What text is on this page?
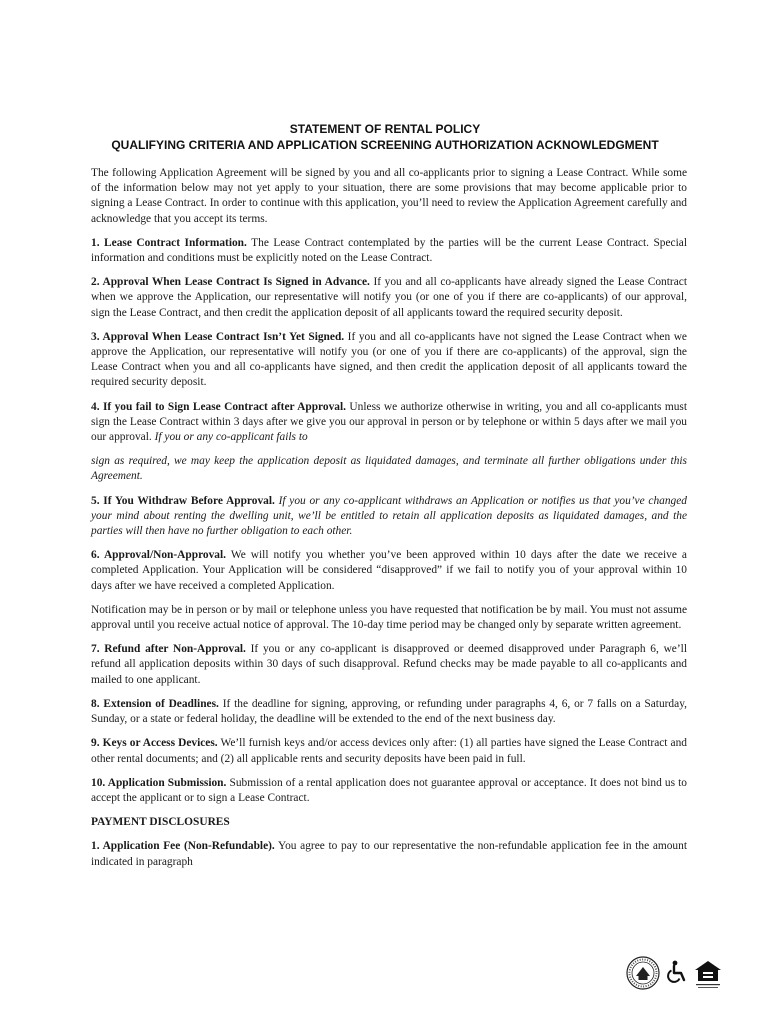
STATEMENT OF RENTAL POLICY
QUALIFYING CRITERIA AND APPLICATION SCREENING AUTHORIZATION ACKNOWLEDGMENT

The following Application Agreement will be signed by you and all co-applicants prior to signing a Lease Contract. While some of the information below may not yet apply to your situation, there are some provisions that may become applicable prior to signing a Lease Contract. In order to continue with this application, you’ll need to review the Application Agreement carefully and acknowledge that you accept its terms.

1. Lease Contract Information. The Lease Contract contemplated by the parties will be the current Lease Contract. Special information and conditions must be explicitly noted on the Lease Contract.

2. Approval When Lease Contract Is Signed in Advance. If you and all co-applicants have already signed the Lease Contract when we approve the Application, our representative will notify you (or one of you if there are co-applicants) of our approval, sign the Lease Contract, and then credit the application deposit of all applicants toward the required security deposit.

3. Approval When Lease Contract Isn’t Yet Signed. If you and all co-applicants have not signed the Lease Contract when we approve the Application, our representative will notify you (or one of you if there are co-applicants) of the approval, sign the Lease Contract when you and all co-applicants have signed, and then credit the application deposit of all applicants toward the required security deposit.

4. If you fail to Sign Lease Contract after Approval. Unless we authorize otherwise in writing, you and all co-applicants must sign the Lease Contract within 3 days after we give you our approval in person or by telephone or within 5 days after we mail you our approval. If you or any co-applicant fails to

sign as required, we may keep the application deposit as liquidated damages, and terminate all further obligations under this Agreement.

5. If You Withdraw Before Approval. If you or any co-applicant withdraws an Application or notifies us that you’ve changed your mind about renting the dwelling unit, we’ll be entitled to retain all application deposits as liquidated damages, and the parties will then have no further obligation to each other.

6. Approval/Non-Approval. We will notify you whether you’ve been approved within 10 days after the date we receive a completed Application. Your Application will be considered “disapproved” if we fail to notify you of your approval within 10 days after we have received a completed Application.

Notification may be in person or by mail or telephone unless you have requested that notification be by mail. You must not assume approval until you receive actual notice of approval. The 10-day time period may be changed only by separate written agreement.

7. Refund after Non-Approval. If you or any co-applicant is disapproved or deemed disapproved under Paragraph 6, we’ll refund all application deposits within 30 days of such disapproval. Refund checks may be made payable to all co-applicants and mailed to one applicant.

8. Extension of Deadlines. If the deadline for signing, approving, or refunding under paragraphs 4, 6, or 7 falls on a Saturday, Sunday, or a state or federal holiday, the deadline will be extended to the end of the next business day.

9. Keys or Access Devices. We’ll furnish keys and/or access devices only after: (1) all parties have signed the Lease Contract and other rental documents; and (2) all applicable rents and security deposits have been paid in full.

10. Application Submission. Submission of a rental application does not guarantee approval or acceptance. It does not bind us to accept the applicant or to sign a Lease Contract.

PAYMENT DISCLOSURES

1. Application Fee (Non-Refundable). You agree to pay to our representative the non-refundable application fee in the amount indicated in paragraph
